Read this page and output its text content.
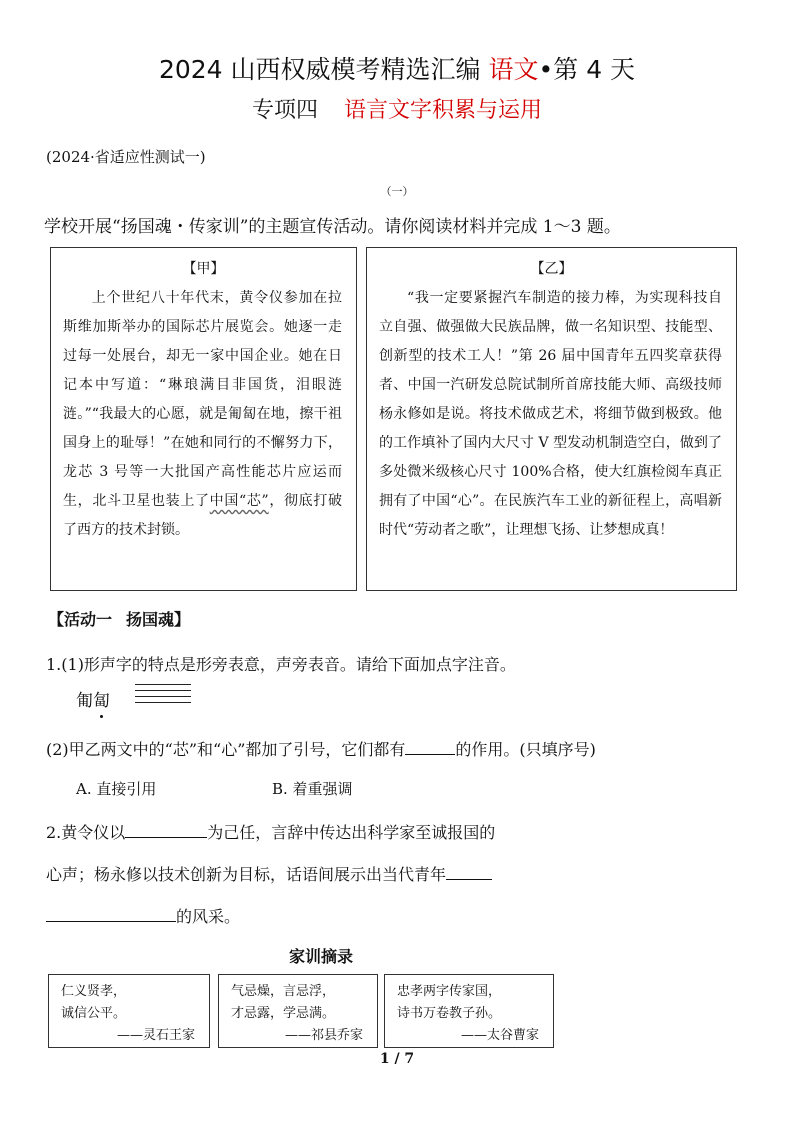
2024 山西权威模考精选汇编 语文•第 4 天
专项四 语言文字积累与运用
(2024·省适应性测试一)
（一）
学校开展“扬国魂・传家训”的主题宣传活动。请你阅读材料并完成 1～3 题。
【甲】
上个世纪八十年代末，黄令仪参加在拉斯维加斯举办的国际芯片展览会。她逐一走过每一处展台，却无一家中国企业。她在日记本中写道：“琳琅满目非国货，泪眼涟涟。”“我最大的心愿，就是匍匐在地，擦干祖国身上的耻辱！”在她和同行的不懈努力下，龙芯 3 号等一大批国产高性能芯片应运而生，北斗卫星也装上了中国“芯”，彻底打破了西方的技术封锁。
【乙】
“我一定要紧握汽车制造的接力棒，为实现科技自立自强、做强做大民族品牌，做一名知识型、技能型、创新型的技术工人！”第 26 届中国青年五四奖章获得者、中国一汽研发总院试制所首席技能大师、高级技师杨永修如是说。将技术做成艺术，将细节做到极致。他的工作填补了国内大尺寸 V 型发动机制造空白，做到了多处微米级核心尺寸 100%合格，使大红旗检阅车真正拥有了中国“心”。在民族汽车工业的新征程上，高唱新时代“劳动者之歌”，让理想飞扬、让梦想成真！
【活动一 扬国魂】
1.(1)形声字的特点是形旁表意，声旁表音。请给下面加点字注音。
匍匐
(2)甲乙两文中的“芯”和“心”都加了引号，它们都有	的作用。(只填序号)
A. 直接引用	B. 着重强调
2.黄令仪以	为己任，言辞中传达出科学家至诚报国的
心声；杨永修以技术创新为目标，话语间展示出当代青年
的风采。
家训摘录
仁义贤孝，
诚信公平。
——灵石王家
气忌燥，言忌浮，
才忌露，学忌满。
——祁县乔家
忠孝两字传家国，
诗书万卷教子孙。
——太谷曹家
1 / 7
